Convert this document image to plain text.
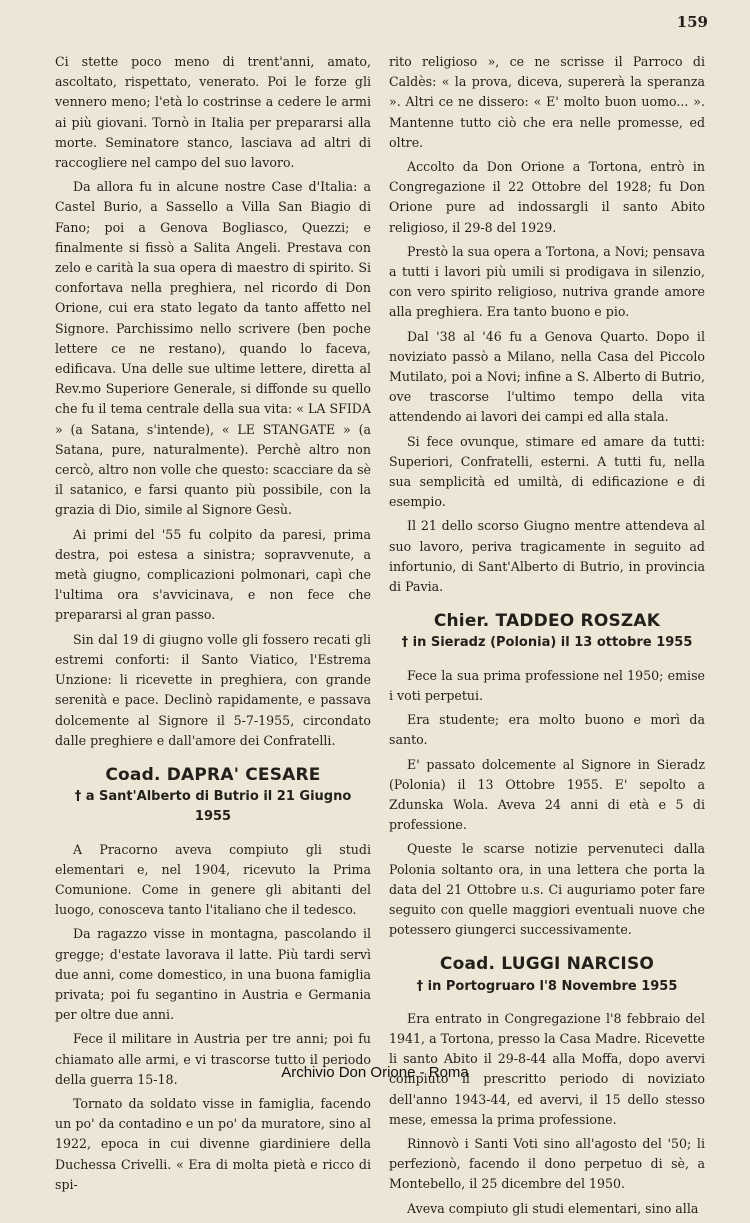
159

Ci stette poco meno di trent'anni, amato, ascoltato, rispettato, venerato. Poi le forze gli vennero meno; l'età lo costrinse a cedere le armi ai più giovani. Tornò in Italia per prepararsi alla morte. Seminatore stanco, lasciava ad altri di raccogliere nel campo del suo lavoro.

Da allora fu in alcune nostre Case d'Italia: a Castel Burio, a Sassello a Villa San Biagio di Fano; poi a Genova Bogliasco, Quezzi; e finalmente si fissò a Salita Angeli. Prestava con zelo e carità la sua opera di maestro di spirito. Si confortava nella preghiera, nel ricordo di Don Orione, cui era stato legato da tanto affetto nel Signore. Parchissimo nello scrivere (ben poche lettere ce ne restano), quando lo faceva, edificava. Una delle sue ultime lettere, diretta al Rev.mo Superiore Generale, si diffonde su quello che fu il tema centrale della sua vita: « LA SFIDA » (a Satana, s'intende), « LE STANGATE » (a Satana, pure, naturalmente). Perchè altro non cercò, altro non volle che questo: scacciare da sè il satanico, e farsi quanto più possibile, con la grazia di Dio, simile al Signore Gesù.

Ai primi del '55 fu colpito da paresi, prima destra, poi estesa a sinistra; sopravvenute, a metà giugno, complicazioni polmonari, capì che l'ultima ora s'avvicinava, e non fece che prepararsi al gran passo.

Sin dal 19 di giugno volle gli fossero recati gli estremi conforti: il Santo Viatico, l'Estrema Unzione: li ricevette in preghiera, con grande serenità e pace. Declinò rapidamente, e passava dolcemente al Signore il 5-7-1955, circondato dalle preghiere e dall'amore dei Confratelli.

Coad. DAPRA' CESARE
† a Sant'Alberto di Butrio il 21 Giugno 1955

A Pracorno aveva compiuto gli studi elementari e, nel 1904, ricevuto la Prima Comunione. Come in genere gli abitanti del luogo, conosceva tanto l'italiano che il tedesco.

Da ragazzo visse in montagna, pascolando il gregge; d'estate lavorava il latte. Più tardi servì due anni, come domestico, in una buona famiglia privata; poi fu segantino in Austria e Germania per oltre due anni.

Fece il militare in Austria per tre anni; poi fu chiamato alle armi, e vi trascorse tutto il periodo della guerra 15-18.

Tornato da soldato visse in famiglia, facendo un po' da contadino e un po' da muratore, sino al 1922, epoca in cui divenne giardiniere della Duchessa Crivelli. « Era di molta pietà e ricco di spi-

rito religioso », ce ne scrisse il Parroco di Caldès: « la prova, diceva, supererà la speranza ». Altri ce ne dissero: « E' molto buon uomo... ». Mantenne tutto ciò che era nelle promesse, ed oltre.

Accolto da Don Orione a Tortona, entrò in Congregazione il 22 Ottobre del 1928; fu Don Orione pure ad indossargli il santo Abito religioso, il 29-8 del 1929.

Prestò la sua opera a Tortona, a Novi; pensava a tutti i lavori più umili si prodigava in silenzio, con vero spirito religioso, nutriva grande amore alla preghiera. Era tanto buono e pio.

Dal '38 al '46 fu a Genova Quarto. Dopo il noviziato passò a Milano, nella Casa del Piccolo Mutilato, poi a Novi; infine a S. Alberto di Butrio, ove trascorse l'ultimo tempo della vita attendendo ai lavori dei campi ed alla stala.

Si fece ovunque, stimare ed amare da tutti: Superiori, Confratelli, esterni. A tutti fu, nella sua semplicità ed umiltà, di edificazione e di esempio.

Il 21 dello scorso Giugno mentre attendeva al suo lavoro, periva tragicamente in seguito ad infortunio, di Sant'Alberto di Butrio, in provincia di Pavia.

Chier. TADDEO ROSZAK
† in Sieradz (Polonia) il 13 ottobre 1955

Fece la sua prima professione nel 1950; emise i voti perpetui.

Era studente; era molto buono e morì da santo.

E' passato dolcemente al Signore in Sieradz (Polonia) il 13 Ottobre 1955. E' sepolto a Zdunska Wola. Aveva 24 anni di età e 5 di professione.

Queste le scarse notizie pervenuteci dalla Polonia soltanto ora, in una lettera che porta la data del 21 Ottobre u.s. Ci auguriamo poter fare seguito con quelle maggiori eventuali nuove che potessero giungerci successivamente.

Coad. LUGGI NARCISO
† in Portogruaro l'8 Novembre 1955

Era entrato in Congregazione l'8 febbraio del 1941, a Tortona, presso la Casa Madre. Ricevette li santo Abito il 29-8-44 alla Moffa, dopo avervi compiuto il prescritto periodo di noviziato dell'anno 1943-44, ed avervi, il 15 dello stesso mese, emessa la prima professione.

Rinnovò i Santi Voti sino all'agosto del '50; li perfezionò, facendo il dono perpetuo di sè, a Montebello, il 25 dicembre del 1950.

Aveva compiuto gli studi elementari, sino alla

Archivio Don Orione - Roma
